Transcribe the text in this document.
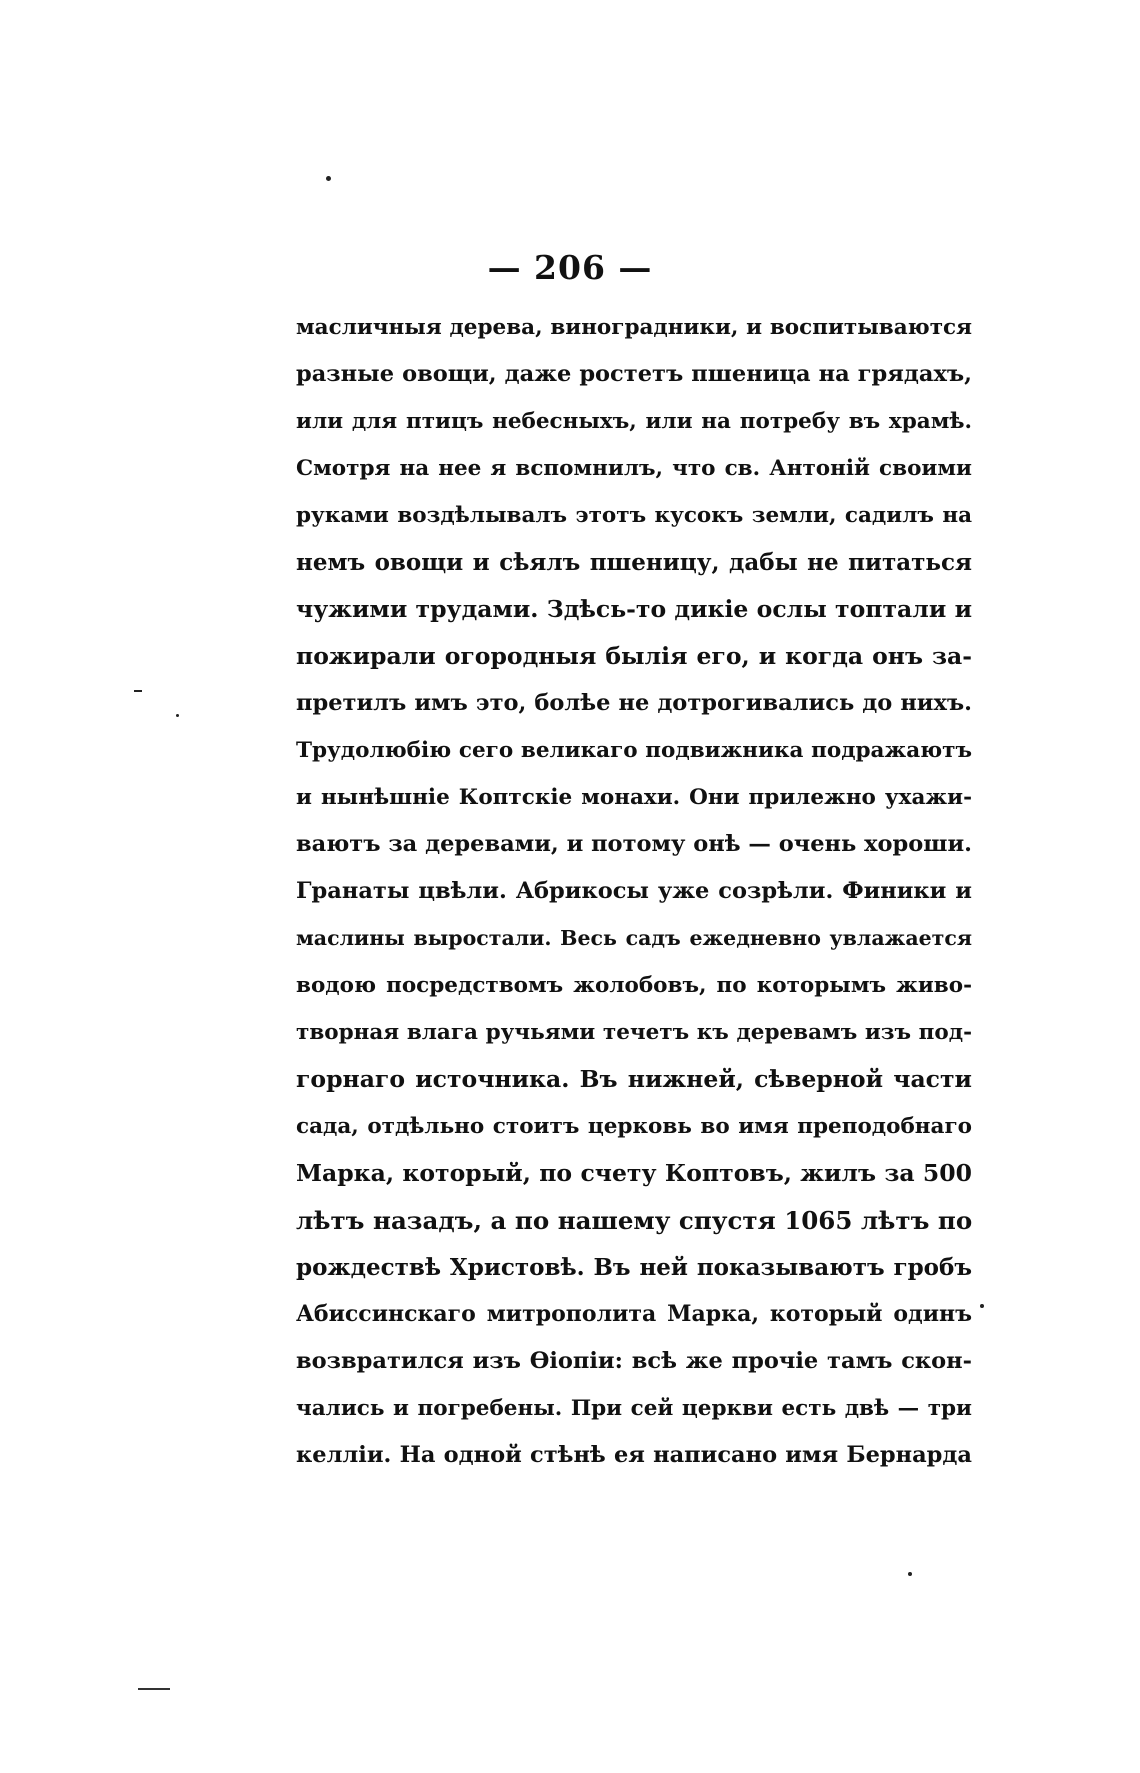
— 206 —
масличныя дерева, виноградники, и воспитываются
разные овощи, даже ростетъ пшеница на грядахъ,
или для птицъ небесныхъ, или на потребу въ храмѣ.
Смотря на нее я вспомнилъ, что св. Антоній своими
руками воздѣлывалъ этотъ кусокъ земли, садилъ на
немъ овощи и сѣялъ пшеницу, дабы не питаться
чужими трудами. Здѣсь-то дикіе ослы топтали и
пожирали огородныя былія его, и когда онъ за-
претилъ имъ это, болѣе не дотрогивались до нихъ.
Трудолюбію сего великаго подвижника подражаютъ
и нынѣшніе Коптскіе монахи. Они прилежно ухажи-
ваютъ за деревами, и потому онѣ — очень хороши.
Гранаты цвѣли. Абрикосы уже созрѣли. Финики и
маслины выростали. Весь садъ ежедневно увлажается
водою посредствомъ жолобовъ, по которымъ живо-
творная влага ручьями течетъ къ деревамъ изъ под-
горнаго источника. Въ нижней, сѣверной части
сада, отдѣльно стоитъ церковь во имя преподобнаго
Марка, который, по счету Коптовъ, жилъ за 500
лѣтъ назадъ, а по нашему спустя 1065 лѣтъ по
рождествѣ Христовѣ. Въ ней показываютъ гробъ
Абиссинскаго митрополита Марка, который одинъ
возвратился изъ Ѳіопіи: всѣ же прочіе тамъ скон-
чались и погребены. При сей церкви есть двѣ — три
келліи. На одной стѣнѣ ея написано имя Бернарда
